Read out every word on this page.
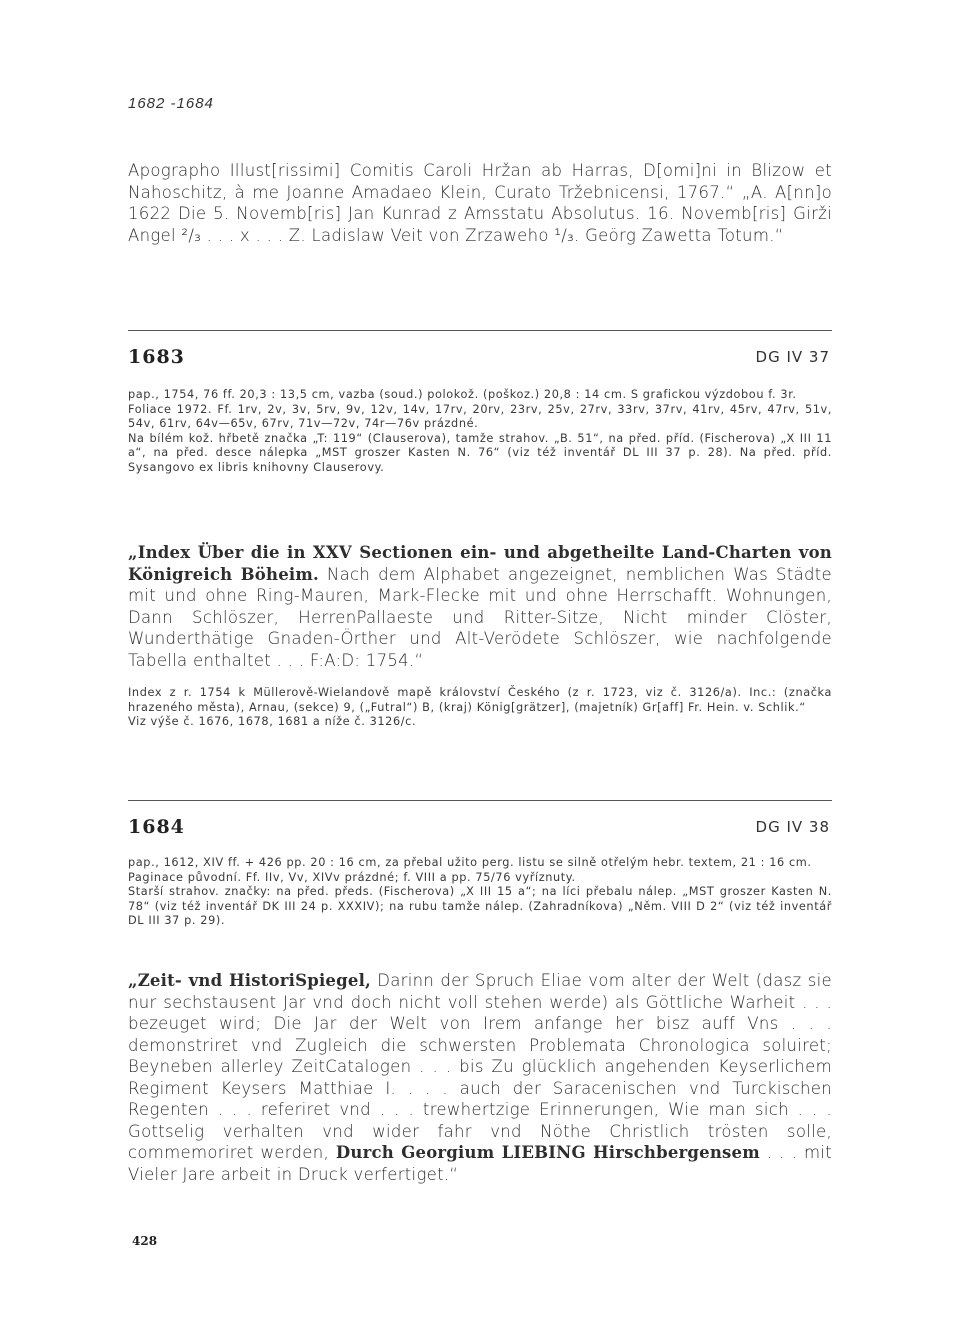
1682 -1684

Apographo Illust[rissimi] Comitis Caroli Hržan ab Harras, D[omi]ni in Blizow et Nahoschitz, à me Joanne Amadaeo Klein, Curato Tržebnicensi, 1767.“ „A. A[nn]o 1622 Die 5. Novemb[ris] Jan Kunrad z Amsstatu Absolutus. 16. Novemb[ris] Girži Angel ²/₃ . . . x . . . Z. Ladislaw Veit von Zrzaweho ¹/₃. Geörg Zawetta Totum.“

1683	DG IV 37

pap., 1754, 76 ff. 20,3 : 13,5 cm, vazba (soud.) polokož. (poškoz.) 20,8 : 14 cm. S grafickou výzdobou f. 3r.

Foliace 1972. Ff. 1rv, 2v, 3v, 5rv, 9v, 12v, 14v, 17rv, 20rv, 23rv, 25v, 27rv, 33rv, 37rv, 41rv, 45rv, 47rv, 51v, 54v, 61rv, 64v—65v, 67rv, 71v—72v, 74r—76v prázdné.

Na bílém kož. hřbetě značka „T: 119“ (Clauserova), tamže strahov. „B. 51“, na před. příd. (Fischerova) „X III 11 a“, na před. desce nálepka „MST groszer Kasten N. 76“ (viz též inventář DL III 37 p. 28). Na před. příd. Sysangovo ex libris knihovny Clauserovy.

„Index Über die in XXV Sectionen ein- und abgetheilte Land-Charten von Königreich Böheim. Nach dem Alphabet angezeignet, nemblichen Was Städte mit und ohne Ring-Mauren, Mark-Flecke mit und ohne Herrschafft. Wohnungen, Dann Schlöszer, HerrenPallaeste und Ritter-Sitze, Nicht minder Clöster, Wunderthätige Gnaden-Örther und Alt-Verödete Schlöszer, wie nachfolgende Tabella enthaltet . . . F:A:D: 1754.“

Index z r. 1754 k Müllerově-Wielandově mapě království Českého (z r. 1723, viz č. 3126/a). Inc.: (značka hrazeného města), Arnau, (sekce) 9, („Futral“) B, (kraj) König[grätzer], (majetník) Gr[aff] Fr. Hein. v. Schlik.“

Viz výše č. 1676, 1678, 1681 a níže č. 3126/c.

1684	DG IV 38

pap., 1612, XIV ff. + 426 pp. 20 : 16 cm, za přebal užito perg. listu se silně otřelým hebr. textem, 21 : 16 cm.

Paginace původní. Ff. IIv, Vv, XIVv prázdné; f. VIII a pp. 75/76 vyříznuty.

Starší strahov. značky: na před. předs. (Fischerova) „X III 15 a“; na líci přebalu nálep. „MST groszer Kasten N. 78“ (viz též inventář DK III 24 p. XXXIV); na rubu tamže nálep. (Zahradníkova) „Něm. VIII D 2“ (viz též inventář DL III 37 p. 29).

„Zeit- vnd HistoriSpiegel, Darinn der Spruch Eliae vom alter der Welt (dasz sie nur sechstausent Jar vnd doch nicht voll stehen werde) als Göttliche Warheit . . . bezeuget wird; Die Jar der Welt von Irem anfange her bisz auff Vns . . . demonstriret vnd Zugleich die schwersten Problemata Chronologica soluiret; Beyneben allerley ZeitCatalogen . . . bis Zu glücklich angehenden Keyserlichem Regiment Keysers Matthiae I. . . . auch der Saracenischen vnd Turckischen Regenten . . . referiret vnd . . . trewhertzige Erinnerungen, Wie man sich . . . Gottselig verhalten vnd wider fahr vnd Nöthe Christlich trösten solle, commemoriret werden, Durch Georgium LIEBING Hirschbergensem . . . mit Vieler Jare arbeit in Druck verfertiget.“

428
